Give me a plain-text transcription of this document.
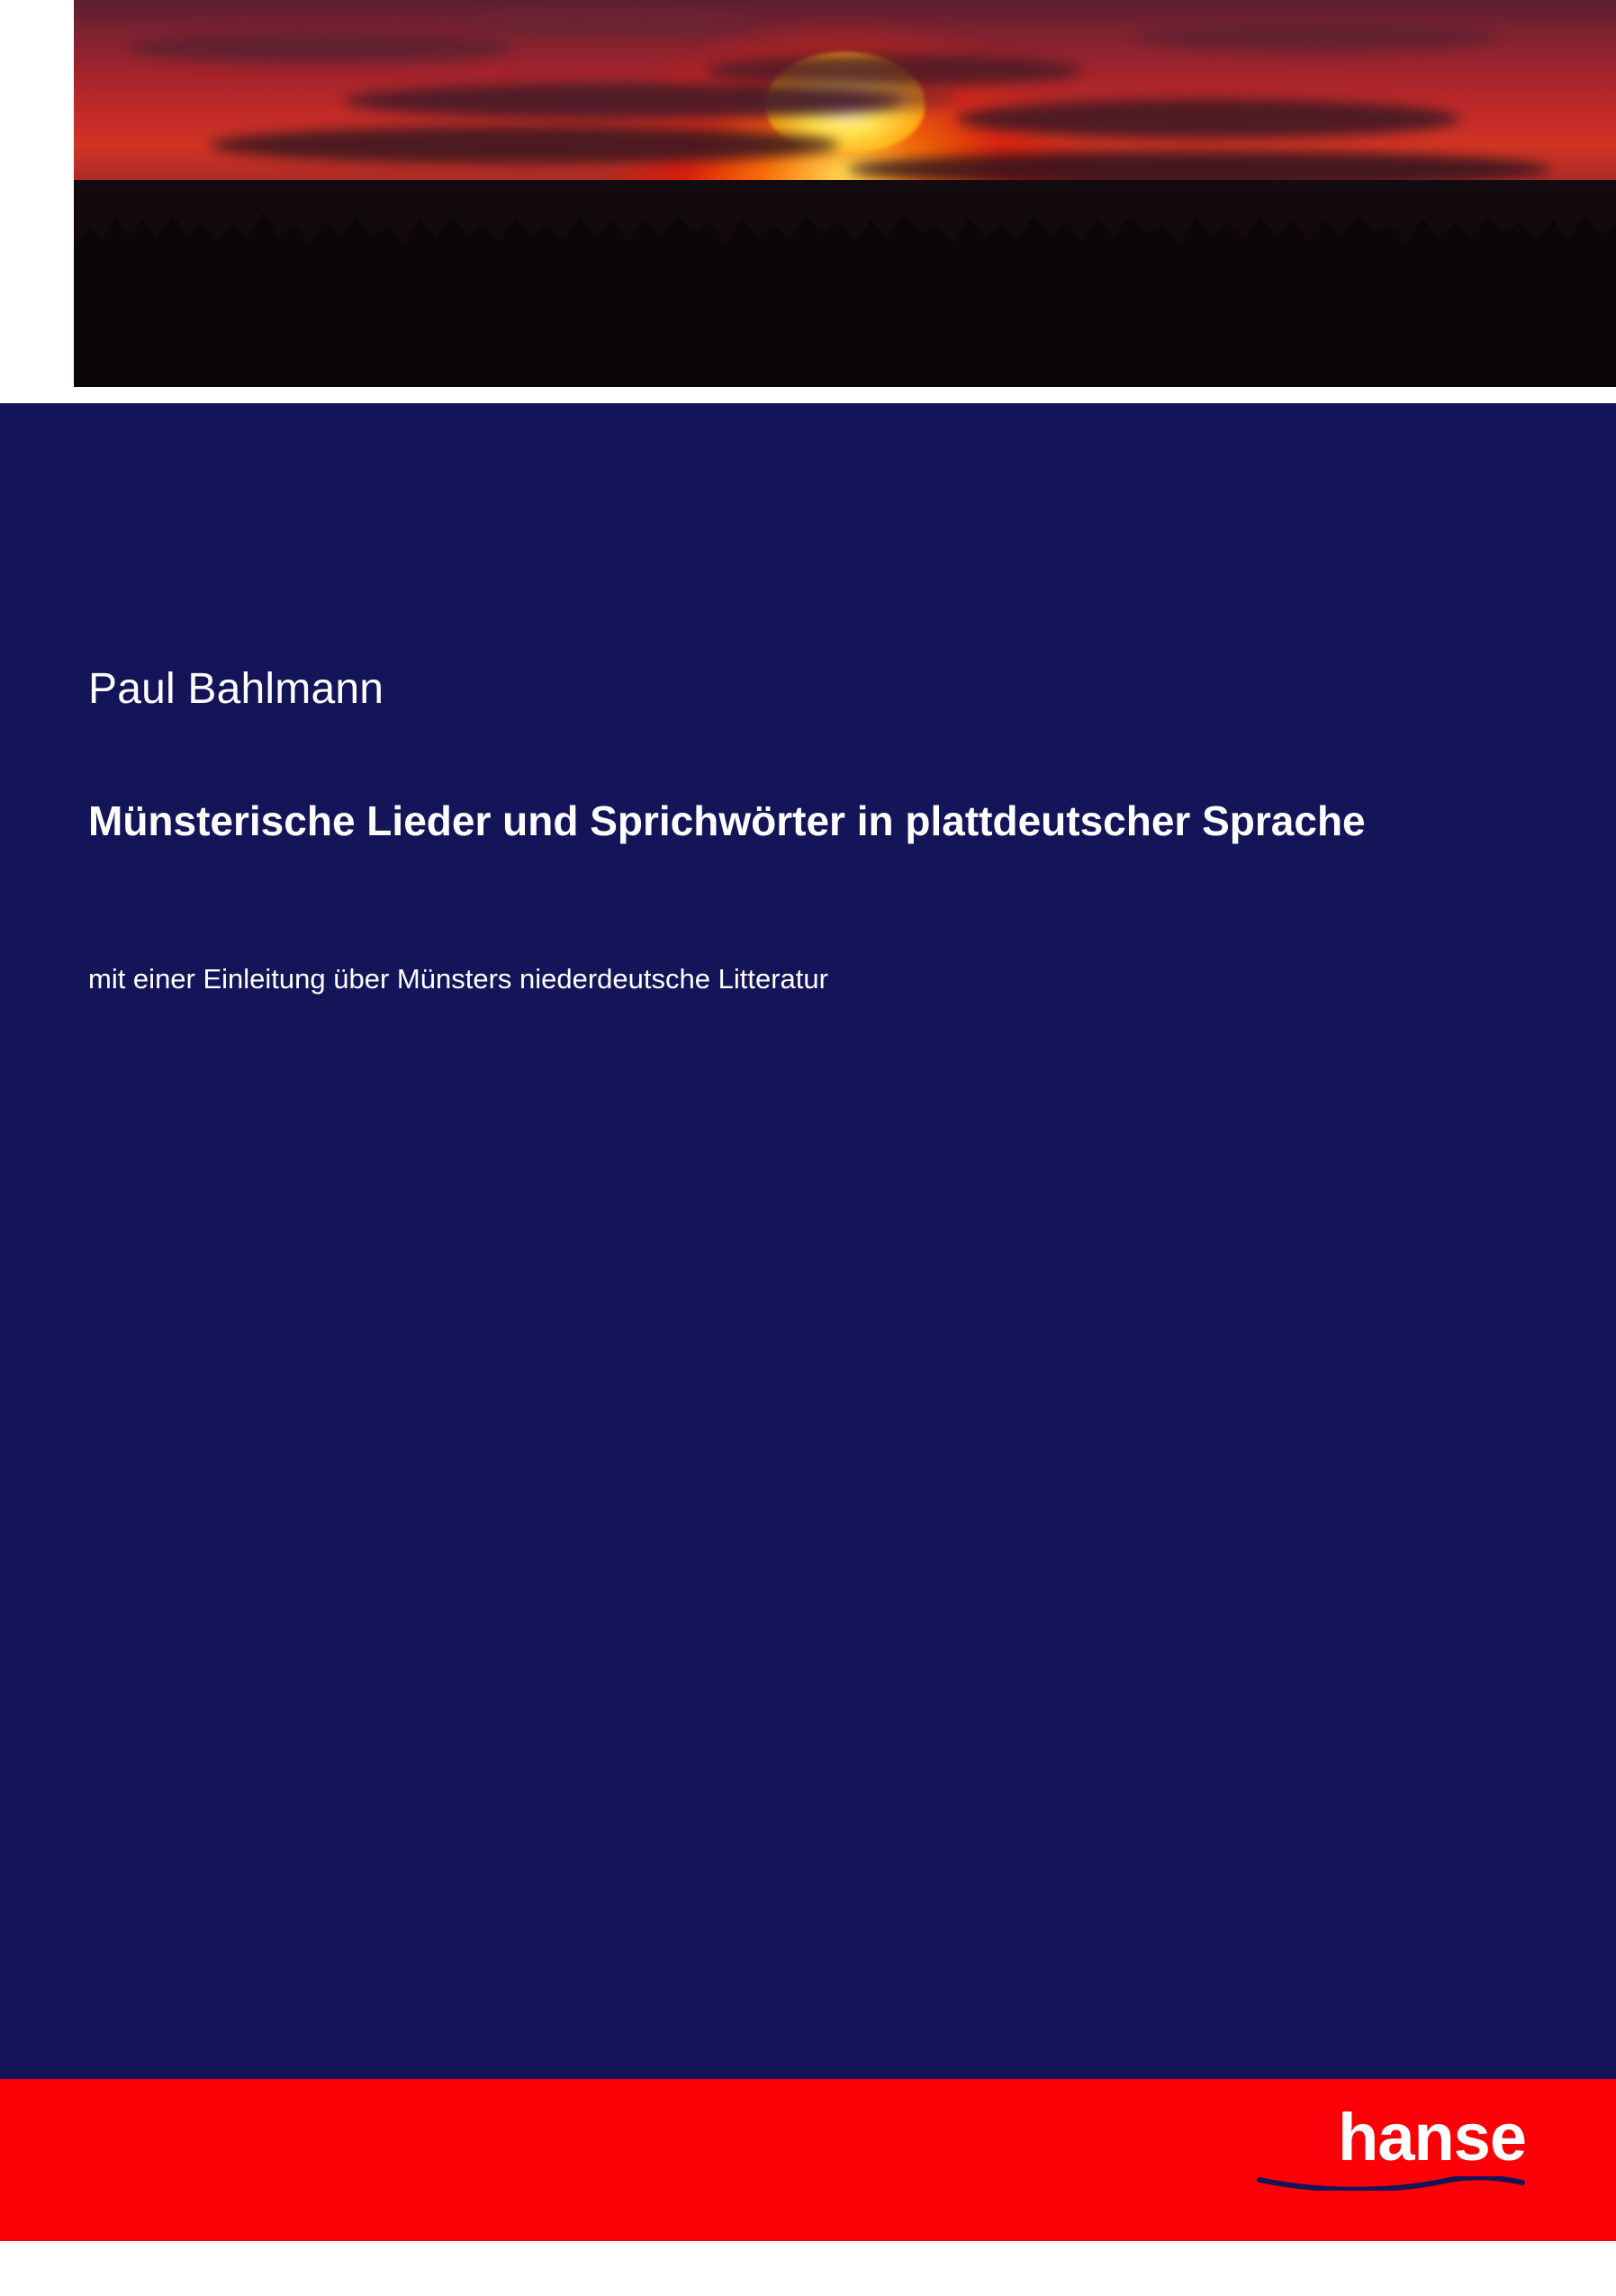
Paul Bahlmann
Münsterische Lieder und Sprichwörter in plattdeutscher Sprache
mit einer Einleitung über Münsters niederdeutsche Litteratur
hanse
